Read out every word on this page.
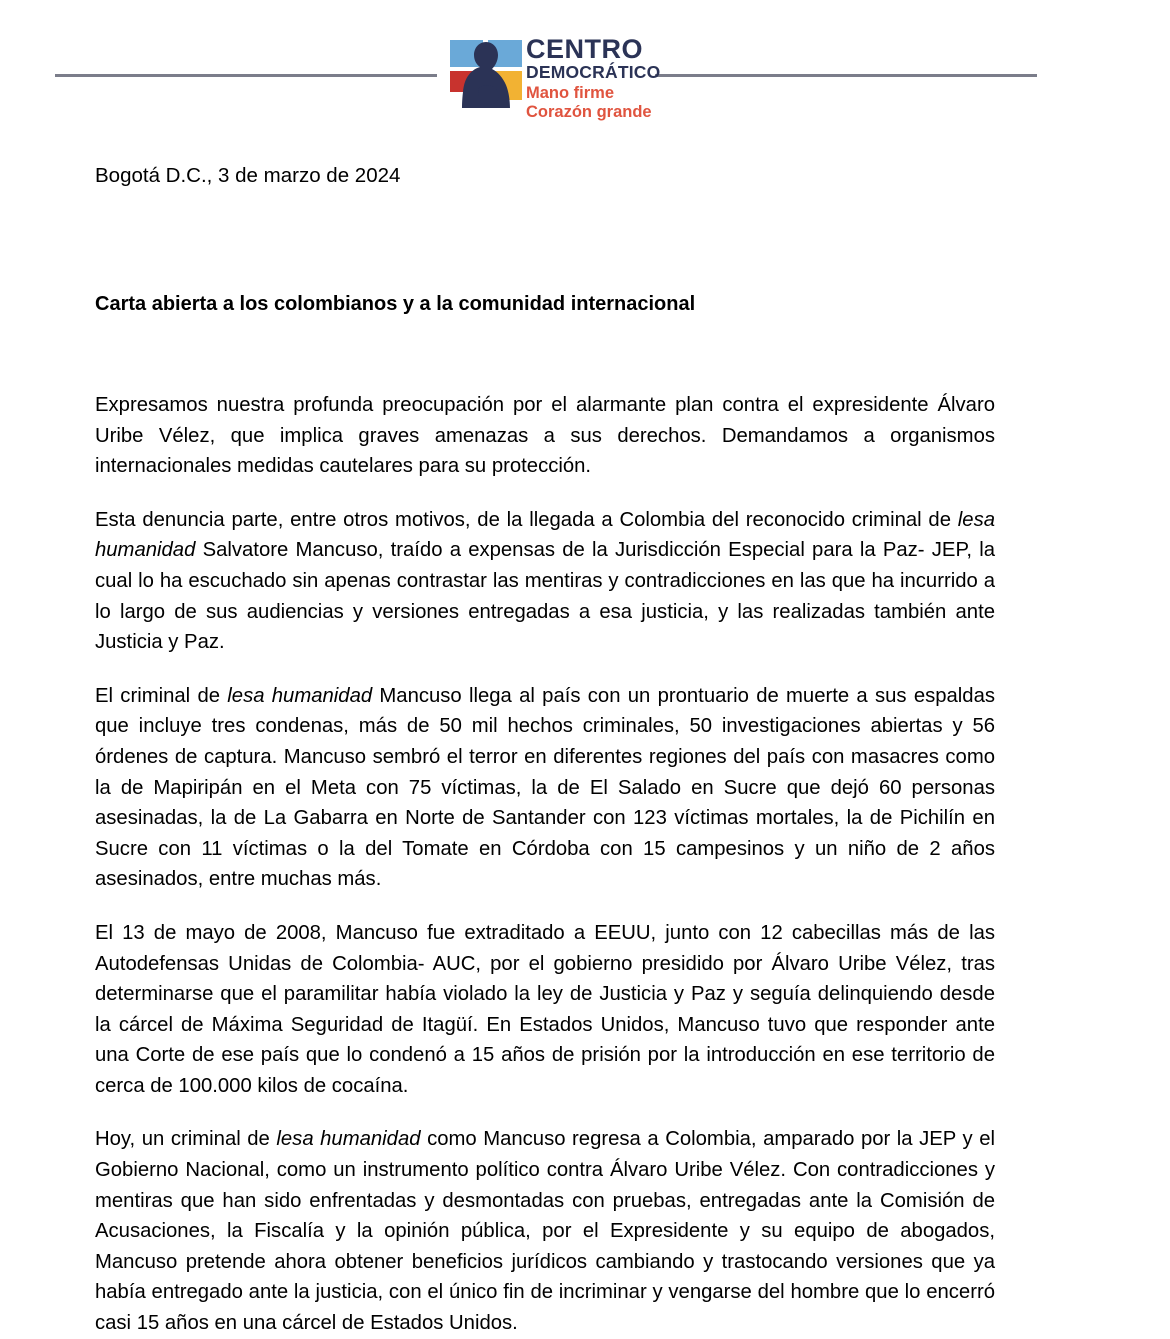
CENTRO
DEMOCRÁTICO
Mano firme
Corazón grande

Bogotá D.C., 3 de marzo de 2024

Carta abierta a los colombianos y a la comunidad internacional

Expresamos nuestra profunda preocupación por el alarmante plan contra el expresidente Álvaro Uribe Vélez, que implica graves amenazas a sus derechos. Demandamos a organismos internacionales medidas cautelares para su protección.

Esta denuncia parte, entre otros motivos, de la llegada a Colombia del reconocido criminal de lesa humanidad Salvatore Mancuso, traído a expensas de la Jurisdicción Especial para la Paz- JEP, la cual lo ha escuchado sin apenas contrastar las mentiras y contradicciones en las que ha incurrido a lo largo de sus audiencias y versiones entregadas a esa justicia, y las realizadas también ante Justicia y Paz.

El criminal de lesa humanidad Mancuso llega al país con un prontuario de muerte a sus espaldas que incluye tres condenas, más de 50 mil hechos criminales, 50 investigaciones abiertas y 56 órdenes de captura. Mancuso sembró el terror en diferentes regiones del país con masacres como la de Mapiripán en el Meta con 75 víctimas, la de El Salado en Sucre que dejó 60 personas asesinadas, la de La Gabarra en Norte de Santander con 123 víctimas mortales, la de Pichilín en Sucre con 11 víctimas o la del Tomate en Córdoba con 15 campesinos y un niño de 2 años asesinados, entre muchas más.

El 13 de mayo de 2008, Mancuso fue extraditado a EEUU, junto con 12 cabecillas más de las Autodefensas Unidas de Colombia- AUC, por el gobierno presidido por Álvaro Uribe Vélez, tras determinarse que el paramilitar había violado la ley de Justicia y Paz y seguía delinquiendo desde la cárcel de Máxima Seguridad de Itagüí. En Estados Unidos, Mancuso tuvo que responder ante una Corte de ese país que lo condenó a 15 años de prisión por la introducción en ese territorio de cerca de 100.000 kilos de cocaína.

Hoy, un criminal de lesa humanidad como Mancuso regresa a Colombia, amparado por la JEP y el Gobierno Nacional, como un instrumento político contra Álvaro Uribe Vélez. Con contradicciones y mentiras que han sido enfrentadas y desmontadas con pruebas, entregadas ante la Comisión de Acusaciones, la Fiscalía y la opinión pública, por el Expresidente y su equipo de abogados, Mancuso pretende ahora obtener beneficios jurídicos cambiando y trastocando versiones que ya había entregado ante la justicia, con el único fin de incriminar y vengarse del hombre que lo encerró casi 15 años en una cárcel de Estados Unidos.
